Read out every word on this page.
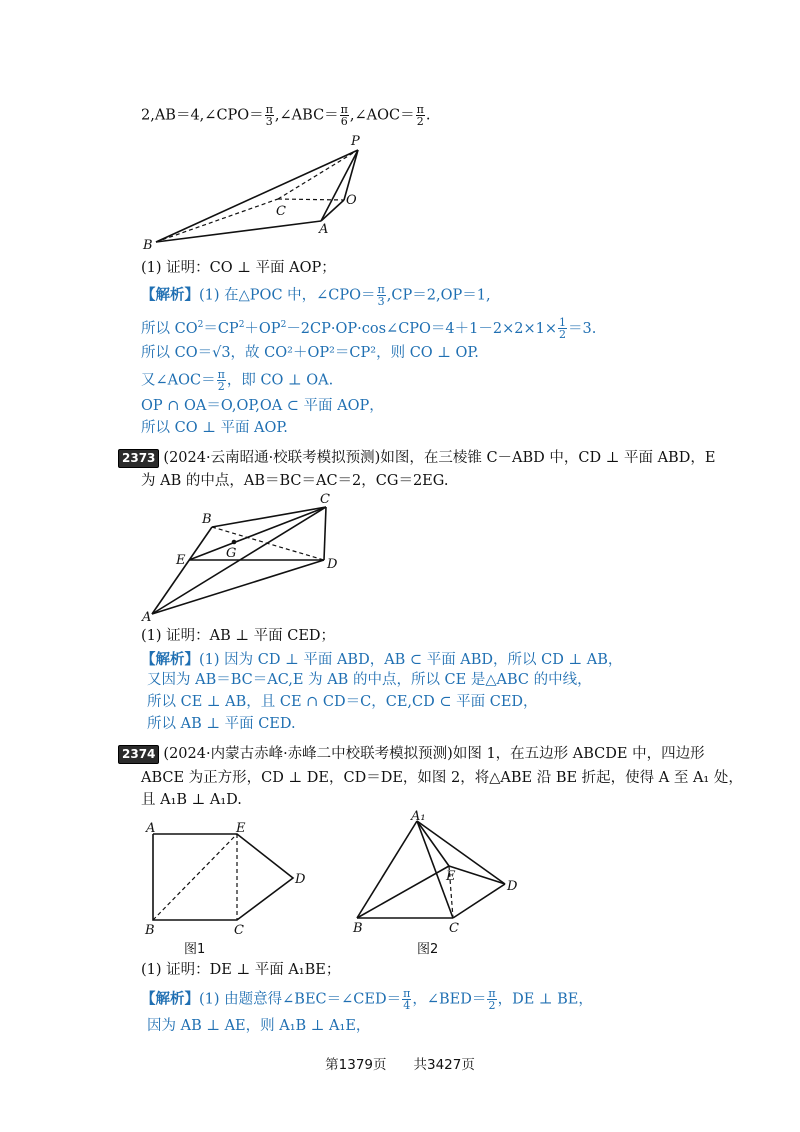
2,AB＝4,∠CPO＝ $\frac{\pi}{3}$ ,∠ABC＝ $\frac{\pi}{6}$ ,∠AOC＝ $\frac{\pi}{2}$ .
P
O
C
A
B
(1) 证明：CO ⊥ 平面 AOP；
【解析】(1) 在△POC 中，∠CPO＝ $\frac{\pi}{3} ,CP=2,OP=1$,
所以 $CO^2=CP^2+OP^2-2CP\cdot OP\cdot\cos\angle CPO=4+1-2\times 2\times 1\times \frac{1}{2} =3$.
所以 CO＝√3，故 CO²＋OP²＝CP²，则 CO ⊥ OP.
又∠AOC＝ $\frac{\pi}{2}$ ，即 CO ⊥ OA.
OP ∩ OA＝O,OP,OA ⊂ 平面 AOP，
所以 CO ⊥ 平面 AOP.
2373 (2024·云南昭通·校联考模拟预测)如图，在三棱锥 C－ABD 中，CD ⊥ 平面 ABD，E
为 AB 的中点，AB＝BC＝AC＝2，CG＝2EG.
B
C
E	G
D
A
(1) 证明：AB ⊥ 平面 CED；
【解析】(1) 因为 CD ⊥ 平面 ABD，AB ⊂ 平面 ABD，所以 CD ⊥ AB，
又因为 AB＝BC＝AC,E 为 AB 的中点，所以 CE 是△ABC 的中线，
所以 CE ⊥ AB，且 CE ∩ CD＝C，CE,CD ⊂ 平面 CED，
所以 AB ⊥ 平面 CED.
2374 (2024·内蒙古赤峰·赤峰二中校联考模拟预测)如图 1，在五边形 ABCDE 中，四边形
ABCE 为正方形，CD ⊥ DE，CD＝DE，如图 2，将△ABE 沿 BE 折起，使得 A 至 A₁ 处，
且 A₁B ⊥ A₁D.
A	E
D
B	C
图1
A₁
E
D
B	C
图2
(1) 证明：DE ⊥ 平面 A₁BE；
【解析】(1) 由题意得∠BEC＝∠CED＝ $\frac{\pi}{4}$ ，∠BED＝ $\frac{\pi}{2}$ ，DE ⊥ BE，
因为 AB ⊥ AE，则 A₁B ⊥ A₁E，
第1379页　　共3427页
